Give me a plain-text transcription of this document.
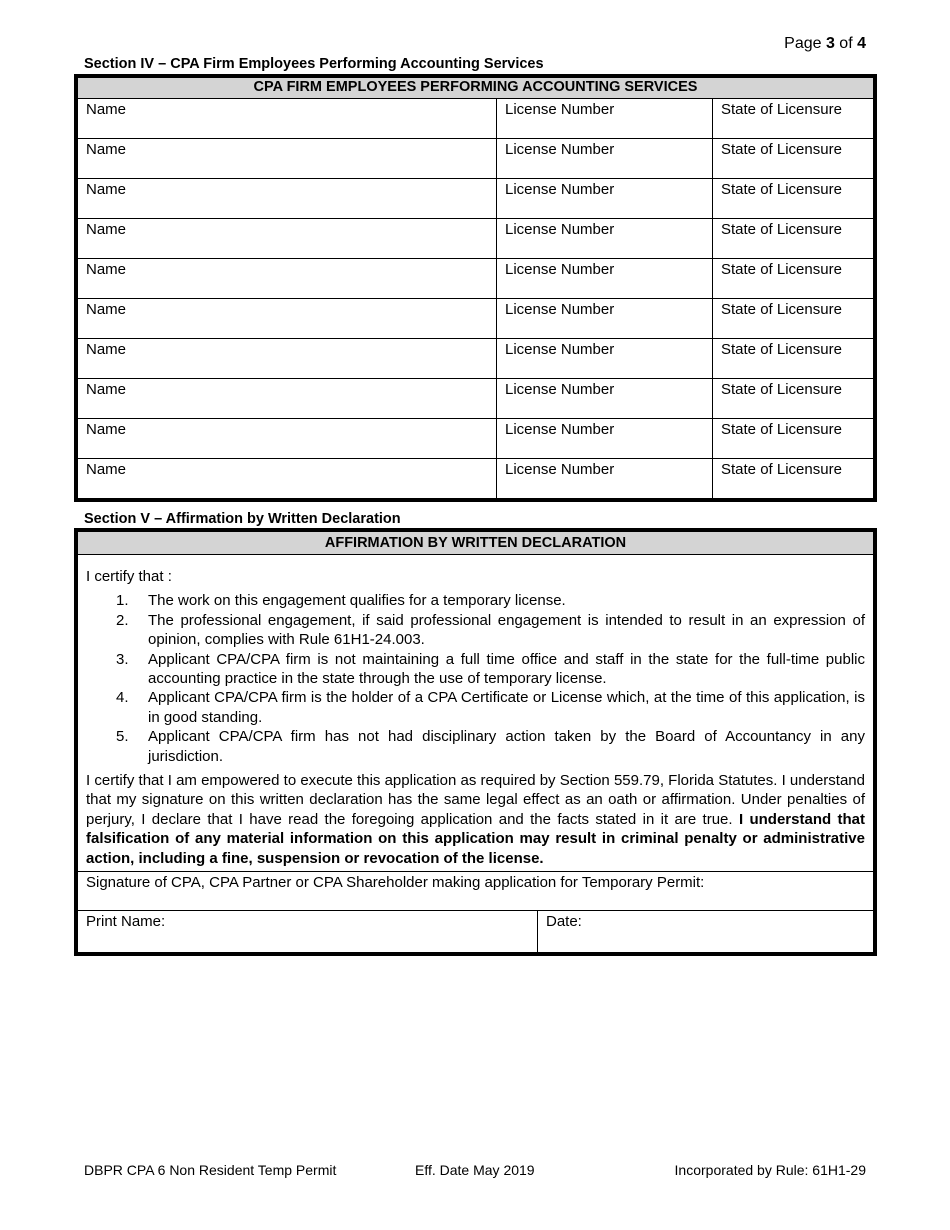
Page 3 of 4
Section IV – CPA Firm Employees Performing Accounting Services
CPA FIRM EMPLOYEES PERFORMING ACCOUNTING SERVICES		
Name	License Number	State of Licensure
Name	License Number	State of Licensure
Name	License Number	State of Licensure
Name	License Number	State of Licensure
Name	License Number	State of Licensure
Name	License Number	State of Licensure
Name	License Number	State of Licensure
Name	License Number	State of Licensure
Name	License Number	State of Licensure
Name	License Number	State of Licensure
Section V – Affirmation by Written Declaration
AFFIRMATION BY WRITTEN DECLARATION
I certify that :
1.	The work on this engagement qualifies for a temporary license.
2.	The professional engagement, if said professional engagement is intended to result in an expression of opinion, complies with Rule 61H1-24.003.
3.	Applicant CPA/CPA firm is not maintaining a full time office and staff in the state for the full-time public accounting practice in the state through the use of temporary license.
4.	Applicant CPA/CPA firm is the holder of a CPA Certificate or License which, at the time of this application, is in good standing.
5.	Applicant CPA/CPA firm has not had disciplinary action taken by the Board of Accountancy in any jurisdiction.
I certify that I am empowered to execute this application as required by Section 559.79, Florida Statutes. I understand that my signature on this written declaration has the same legal effect as an oath or affirmation. Under penalties of perjury, I declare that I have read the foregoing application and the facts stated in it are true. I understand that falsification of any material information on this application may result in criminal penalty or administrative action, including a fine, suspension or revocation of the license.
Signature of CPA, CPA Partner or CPA Shareholder making application for Temporary Permit:
Print Name:	Date:
DBPR CPA 6 Non Resident Temp Permit	Eff. Date May 2019	Incorporated by Rule: 61H1-29
